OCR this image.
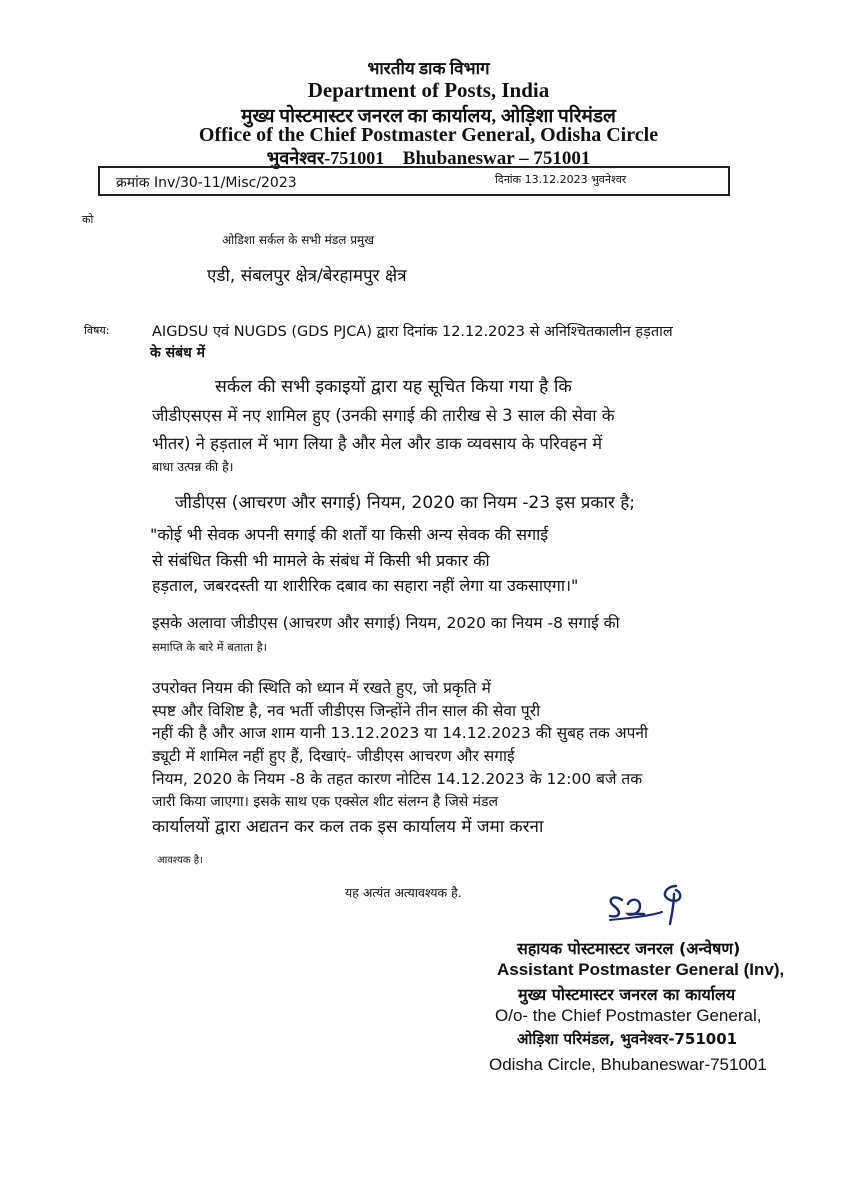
भारतीय डाक विभाग
Department of Posts, India
मुख्य पोस्टमास्टर जनरल का कार्यालय, ओड़िशा परिमंडल
Office of the Chief Postmaster General, Odisha Circle
भुवनेश्वर-751001 Bhubaneswar – 751001
क्रमांक Inv/30-11/Misc/2023	दिनांक 13.12.2023 भुवनेश्वर
को
ओडिशा सर्कल के सभी मंडल प्रमुख
एडी, संबलपुर क्षेत्र/बेरहामपुर क्षेत्र
विषय:	AIGDSU एवं NUGDS (GDS PJCA) द्वारा दिनांक 12.12.2023 से अनिश्चितकालीन हड़ताल
के संबंध में
सर्कल की सभी इकाइयों द्वारा यह सूचित किया गया है कि
जीडीएसएस में नए शामिल हुए (उनकी सगाई की तारीख से 3 साल की सेवा के
भीतर) ने हड़ताल में भाग लिया है और मेल और डाक व्यवसाय के परिवहन में
बाधा उत्पन्न की है।
जीडीएस (आचरण और सगाई) नियम, 2020 का नियम -23 इस प्रकार है;
"कोई भी सेवक अपनी सगाई की शर्तों या किसी अन्य सेवक की सगाई
से संबंधित किसी भी मामले के संबंध में किसी भी प्रकार की
हड़ताल, जबरदस्ती या शारीरिक दबाव का सहारा नहीं लेगा या उकसाएगा।"
इसके अलावा जीडीएस (आचरण और सगाई) नियम, 2020 का नियम -8 सगाई की
समाप्ति के बारे में बताता है।
उपरोक्त नियम की स्थिति को ध्यान में रखते हुए, जो प्रकृति में
स्पष्ट और विशिष्ट है, नव भर्ती जीडीएस जिन्होंने तीन साल की सेवा पूरी
नहीं की है और आज शाम यानी 13.12.2023 या 14.12.2023 की सुबह तक अपनी
ड्यूटी में शामिल नहीं हुए हैं, दिखाएं- जीडीएस आचरण और सगाई
नियम, 2020 के नियम -8 के तहत कारण नोटिस 14.12.2023 के 12:00 बजे तक
जारी किया जाएगा। इसके साथ एक एक्सेल शीट संलग्न है जिसे मंडल
कार्यालयों द्वारा अद्यतन कर कल तक इस कार्यालय में जमा करना
आवश्यक है।
यह अत्यंत अत्यावश्यक है.
सहायक पोस्टमास्टर जनरल (अन्वेषण)
Assistant Postmaster General (Inv),
मुख्य पोस्टमास्टर जनरल का कार्यालय
O/o- the Chief Postmaster General,
ओड़िशा परिमंडल, भुवनेश्वर-751001
Odisha Circle, Bhubaneswar-751001
